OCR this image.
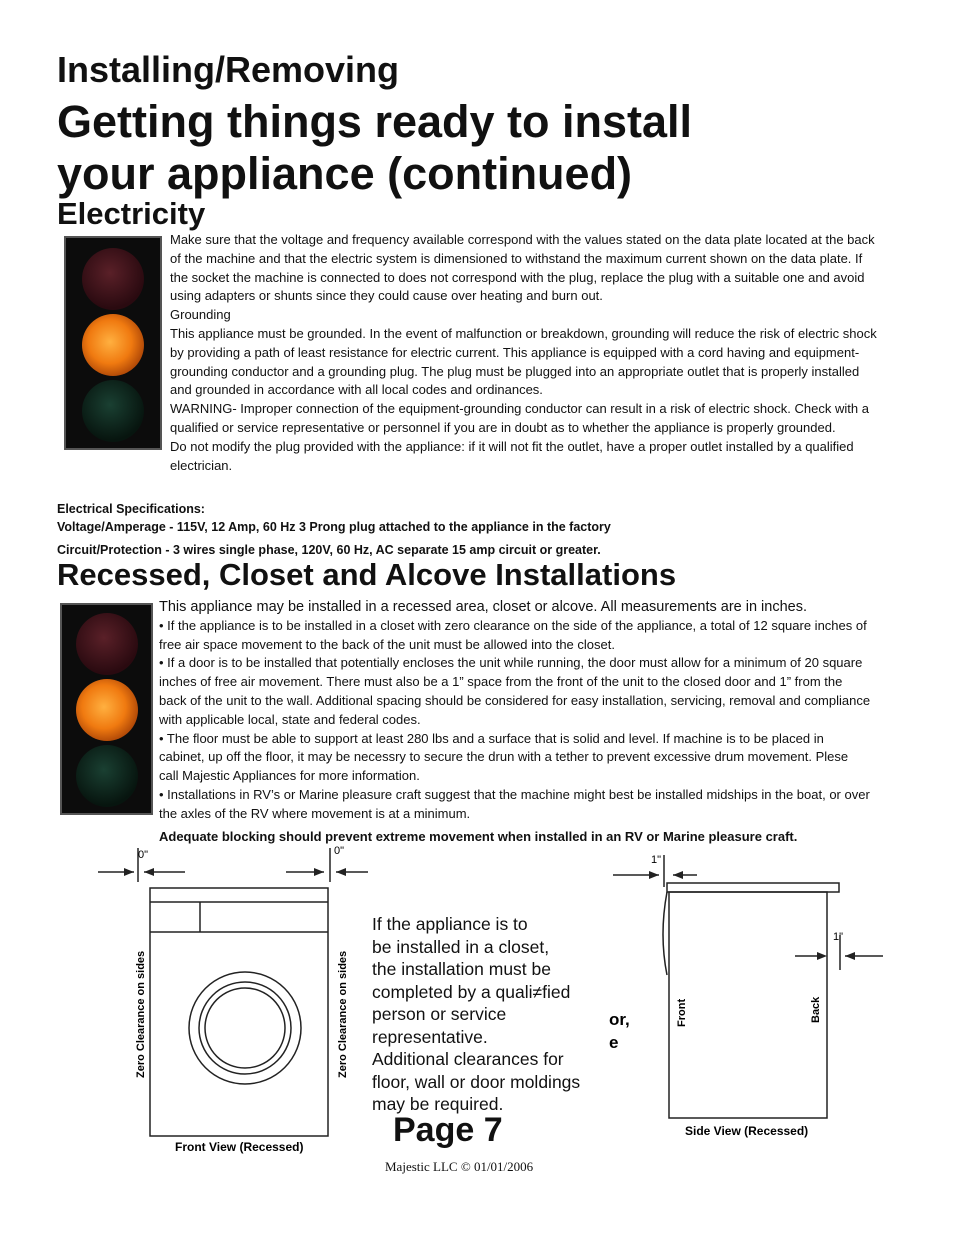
Installing/Removing
Getting things ready to install
your appliance (continued)
Electricity

Make sure that the voltage and frequency available correspond with the values stated on the data plate located at the back of the machine and that the electric system is dimensioned to withstand the maximum current shown on the data plate. If the socket the machine is connected to does not correspond with the plug, replace the plug with a suitable one and avoid using adapters or shunts since they could cause over heating and burn out.

Grounding

This appliance must be grounded. In the event of malfunction or breakdown, grounding will reduce the risk of electric shock by providing a path of least resistance for electric current. This appliance is equipped with a cord having and equipment-grounding conductor and a grounding plug. The plug must be plugged into an appropriate outlet that is properly installed and grounded in accordance with all local codes and ordinances.

WARNING- Improper connection of the equipment-grounding conductor can result in a risk of electric shock. Check with a qualified or service representative or personnel if you are in doubt as to whether the appliance is properly grounded.

Do not modify the plug provided with the appliance: if it will not fit the outlet, have a proper outlet installed by a qualified electrician.

Electrical Specifications:
Voltage/Amperage - 115V, 12 Amp, 60 Hz 3 Prong plug attached to the appliance in the factory
Circuit/Protection - 3 wires single phase, 120V, 60 Hz, AC separate 15 amp circuit or greater.
Recessed, Closet and Alcove Installations

This appliance may be installed in a recessed area, closet or alcove. All measurements are in inches.

• If the appliance is to be installed in a closet with zero clearance on the side of the appliance, a total of 12 square inches of free air space movement to the back of the unit must be allowed into the closet.

• If a door is to be installed that potentially encloses the unit while running, the door must allow for a minimum of 20 square inches of free air movement. There must also be a 1” space from the front of the unit to the closed door and 1” from the back of the unit to the wall. Additional spacing should be considered for easy installation, servicing, removal and compliance with applicable local, state and federal codes.

• The floor must be able to support at least 280 lbs and a surface that is solid and level. If machine is to be placed in cabinet, up off the floor, it may be necessry to secure the drun with a tether to prevent excessive drum movement. Plese call Majestic Appliances for more information.

• Installations in RV’s or Marine pleasure craft suggest that the machine might best be installed midships in the boat, or over the axles of the RV where movement is at a minimum.

Adequate blocking should prevent extreme movement when installed in an RV or Marine pleasure craft.

0"	0"
Zero Clearance on sides	Zero Clearance on sides
Front View (Recessed)
If the appliance is to
be installed in a closet,
the installation must be
completed by a quali≠fied
person or service
representative.
Additional clearances for
floor, wall or door moldings
may be required.
1"
1"
or,
e
Front	Back
Side View (Recessed)
Page 7
Majestic LLC © 01/01/2006
